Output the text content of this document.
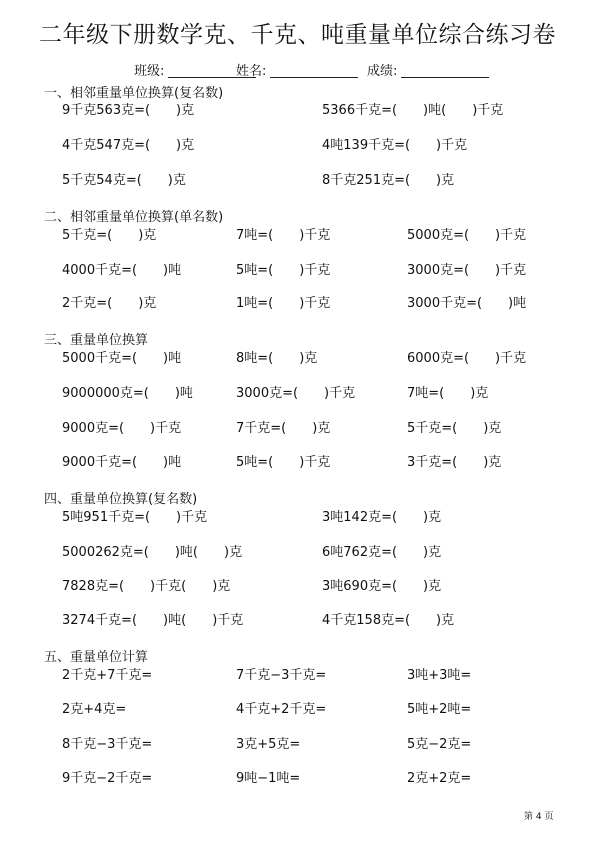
二年级下册数学克、千克、吨重量单位综合练习卷
班级:	姓名:	成绩:
一、相邻重量单位换算(复名数)
9千克563克=(　　)克	5366千克=(　　)吨(　　)千克
4千克547克=(　　)克	4吨139千克=(　　)千克
5千克54克=(　　)克	8千克251克=(　　)克
二、相邻重量单位换算(单名数)
5千克=(　　)克	7吨=(　　)千克	5000克=(　　)千克
4000千克=(　　)吨	5吨=(　　)千克	3000克=(　　)千克
2千克=(　　)克	1吨=(　　)千克	3000千克=(　　)吨
三、重量单位换算
5000千克=(　　)吨	8吨=(　　)克	6000克=(　　)千克
9000000克=(　　)吨	3000克=(　　)千克	7吨=(　　)克
9000克=(　　)千克	7千克=(　　)克	5千克=(　　)克
9000千克=(　　)吨	5吨=(　　)千克	3千克=(　　)克
四、重量单位换算(复名数)
5吨951千克=(　　)千克	3吨142克=(　　)克
5000262克=(　　)吨(　　)克	6吨762克=(　　)克
7828克=(　　)千克(　　)克	3吨690克=(　　)克
3274千克=(　　)吨(　　)千克	4千克158克=(　　)克
五、重量单位计算
2千克+7千克=	7千克−3千克=	3吨+3吨=
2克+4克=	4千克+2千克=	5吨+2吨=
8千克−3千克=	3克+5克=	5克−2克=
9千克−2千克=	9吨−1吨=	2克+2克=
第 4 页
